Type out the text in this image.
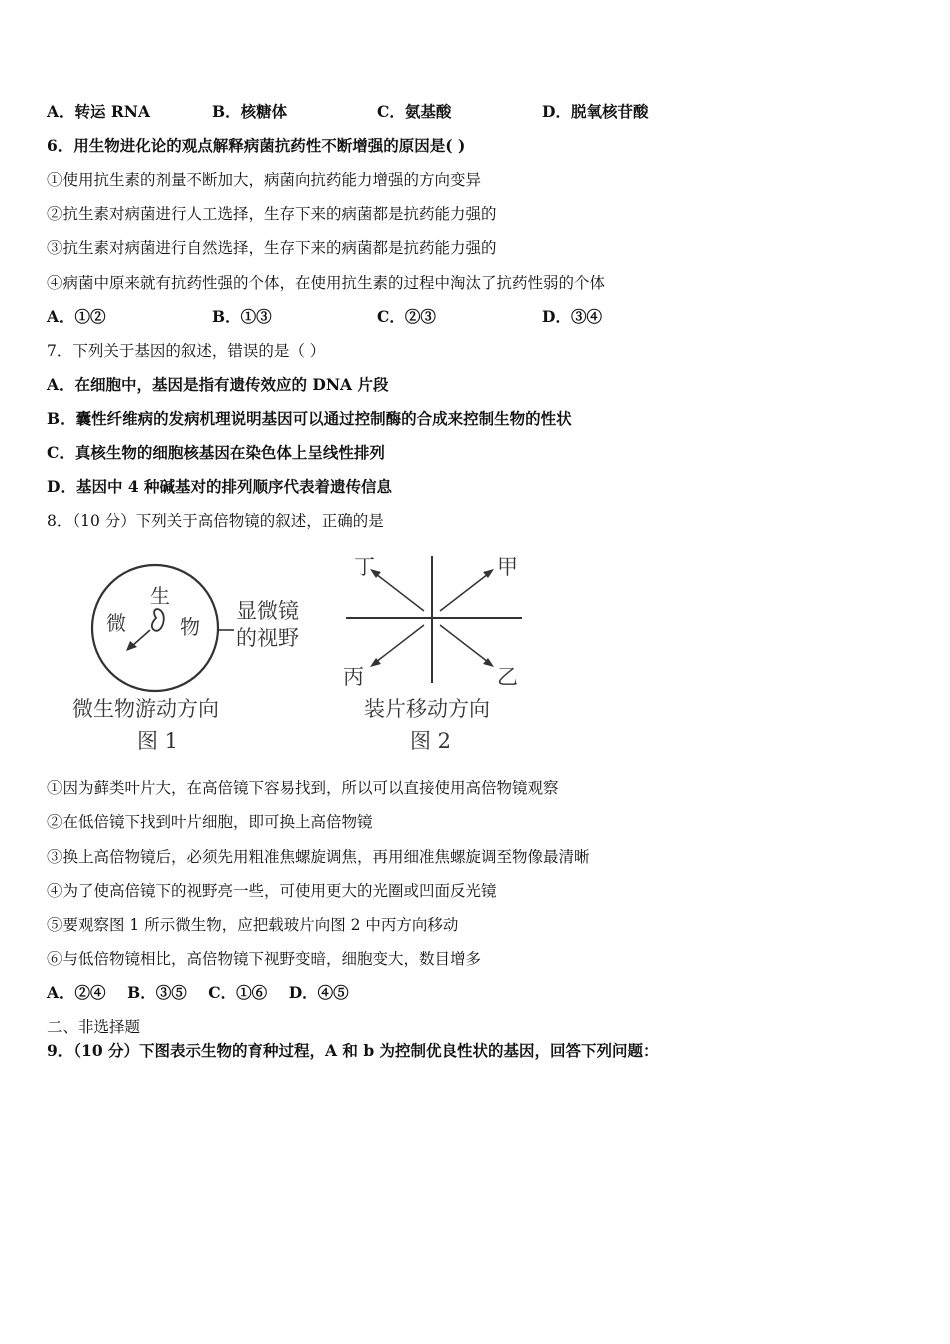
A．转运 RNA	B．核糖体	C．氨基酸	D．脱氧核苷酸
6．用生物进化论的观点解释病菌抗药性不断增强的原因是( )
①使用抗生素的剂量不断加大，病菌向抗药能力增强的方向变异
②抗生素对病菌进行人工选择，生存下来的病菌都是抗药能力强的
③抗生素对病菌进行自然选择，生存下来的病菌都是抗药能力强的
④病菌中原来就有抗药性强的个体，在使用抗生素的过程中淘汰了抗药性弱的个体
A．①②	B．①③	C．②③	D．③④
7．下列关于基因的叙述，错误的是（ ）
A．在细胞中，基因是指有遗传效应的 DNA 片段
B．囊性纤维病的发病机理说明基因可以通过控制酶的合成来控制生物的性状
C．真核生物的细胞核基因在染色体上呈线性排列
D．基因中 4 种碱基对的排列顺序代表着遗传信息
8．（10 分）下列关于高倍物镜的叙述，正确的是
生
微	物
显微镜
的视野
微生物游动方向
图 1
丁	甲
丙	乙
装片移动方向
图 2
①因为藓类叶片大，在高倍镜下容易找到，所以可以直接使用高倍物镜观察
②在低倍镜下找到叶片细胞，即可换上高倍物镜
③换上高倍物镜后，必须先用粗准焦螺旋调焦，再用细准焦螺旋调至物像最清晰
④为了使高倍镜下的视野亮一些，可使用更大的光圈或凹面反光镜
⑤要观察图 1 所示微生物，应把载玻片向图 2 中丙方向移动
⑥与低倍物镜相比，高倍物镜下视野变暗，细胞变大，数目增多
A．②④    B．③⑤    C．①⑥    D．④⑤
二、非选择题
9．（10 分）下图表示生物的育种过程，A 和 b 为控制优良性状的基因，回答下列问题：
